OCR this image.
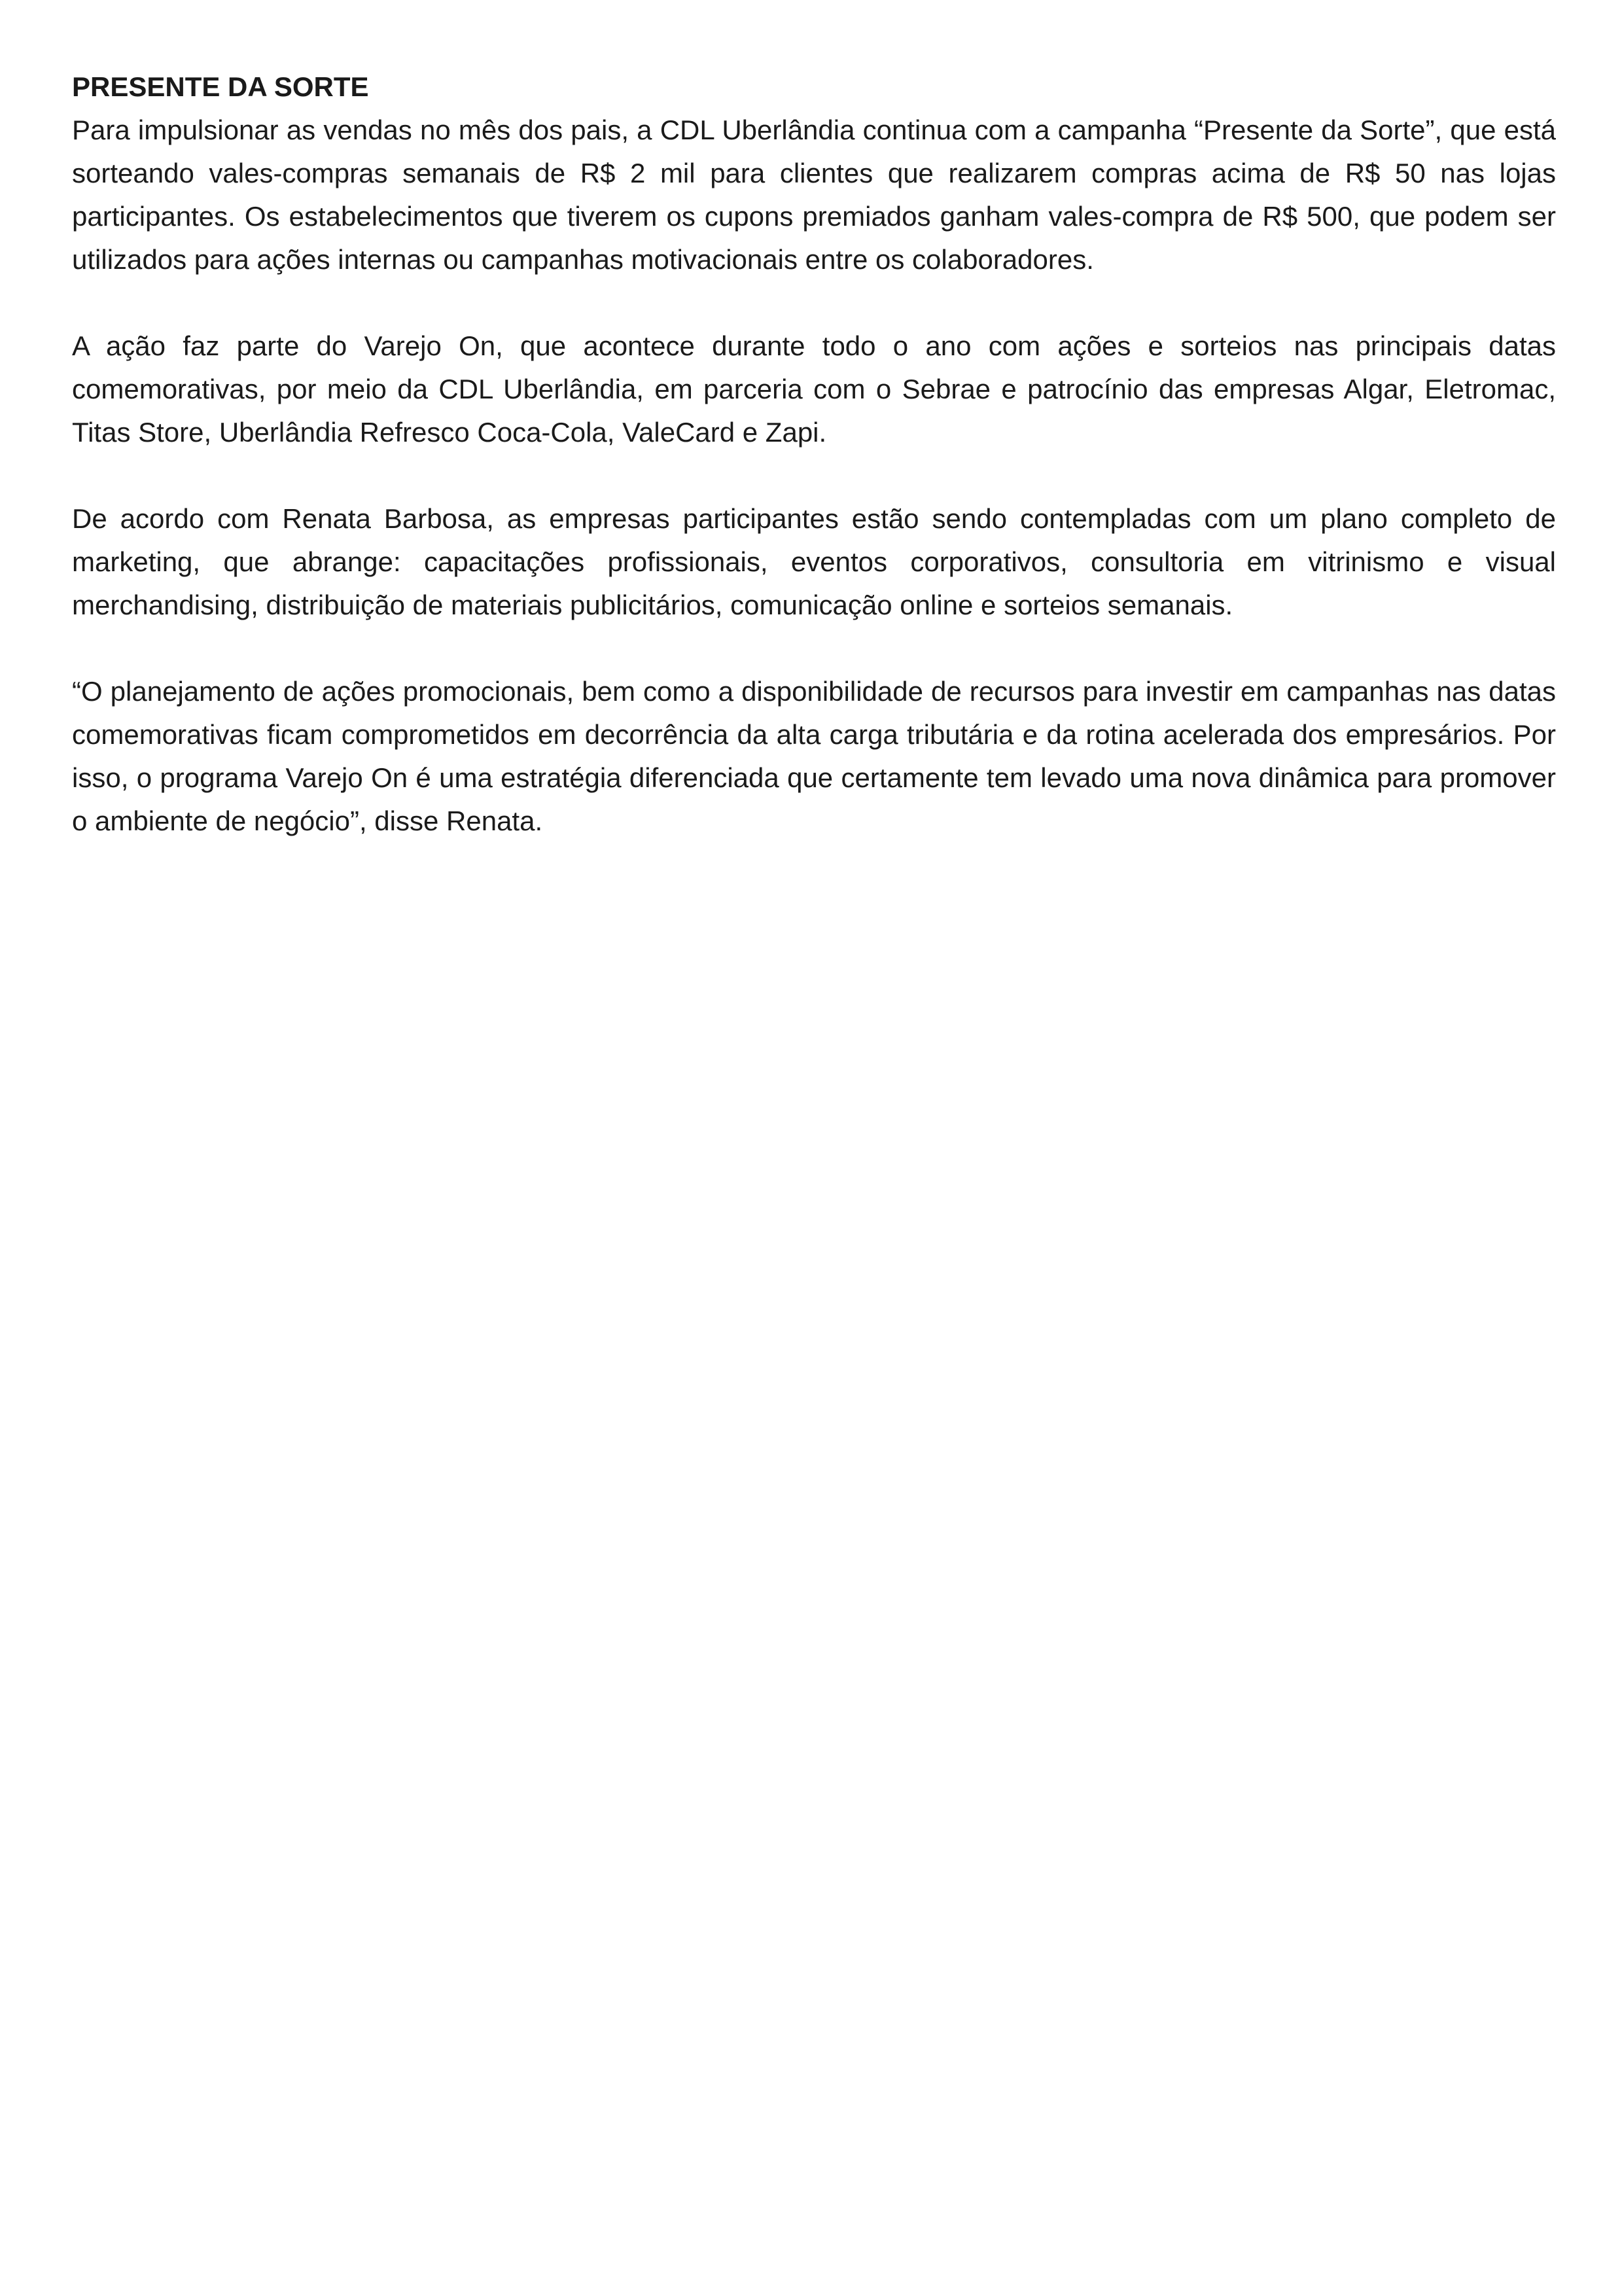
PRESENTE DA SORTE

Para impulsionar as vendas no mês dos pais, a CDL Uberlândia continua com a campanha “Presente da Sorte”, que está sorteando vales-compras semanais de R$ 2 mil para clientes que realizarem compras acima de R$ 50 nas lojas participantes. Os estabelecimentos que tiverem os cupons premiados ganham vales-compra de R$ 500, que podem ser utilizados para ações internas ou campanhas motivacionais entre os colaboradores.

A ação faz parte do Varejo On, que acontece durante todo o ano com ações e sorteios nas principais datas comemorativas, por meio da CDL Uberlândia, em parceria com o Sebrae e patrocínio das empresas Algar, Eletromac, Titas Store, Uberlândia Refresco Coca-Cola, ValeCard e Zapi.

De acordo com Renata Barbosa, as empresas participantes estão sendo contempladas com um plano completo de marketing, que abrange: capacitações profissionais, eventos corporativos, consultoria em vitrinismo e visual merchandising, distribuição de materiais publicitários, comunicação online e sorteios semanais.

“O planejamento de ações promocionais, bem como a disponibilidade de recursos para investir em campanhas nas datas comemorativas ficam comprometidos em decorrência da alta carga tributária e da rotina acelerada dos empresários. Por isso, o programa Varejo On é uma estratégia diferenciada que certamente tem levado uma nova dinâmica para promover o ambiente de negócio”, disse Renata.
